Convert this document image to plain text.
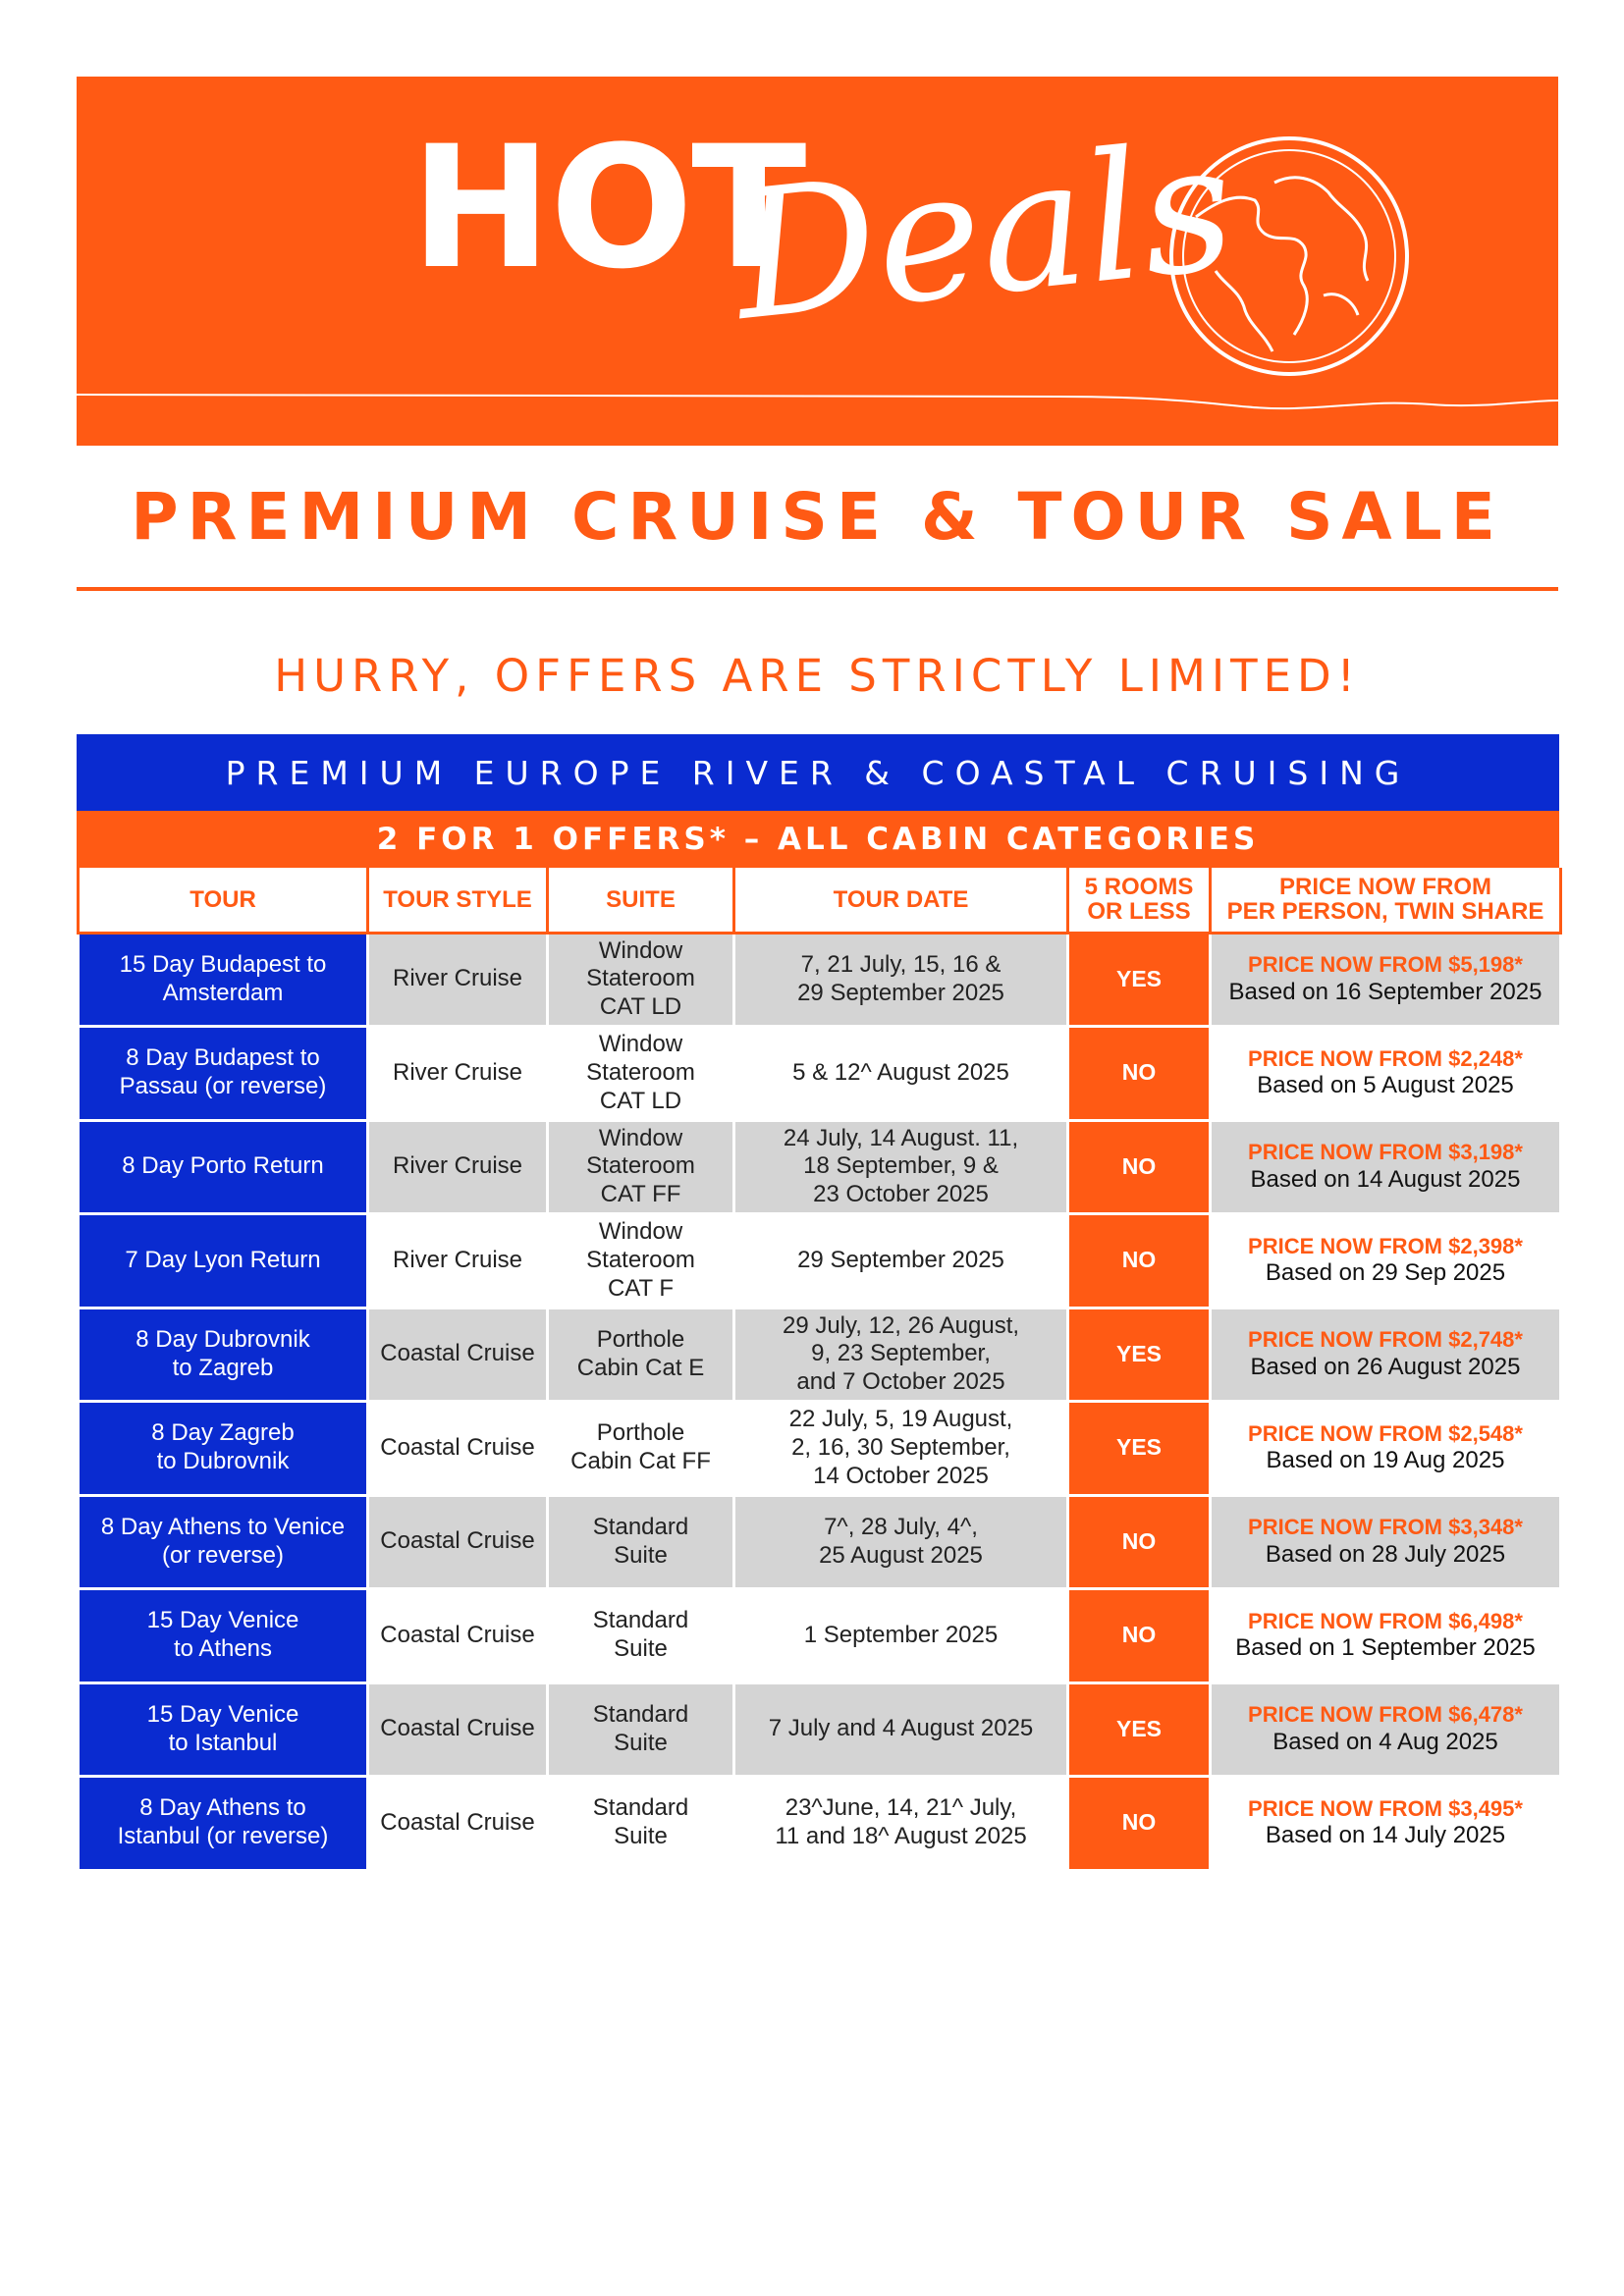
HOT
Deals
PREMIUM CRUISE & TOUR SALE
HURRY, OFFERS ARE STRICTLY LIMITED!
PREMIUM EUROPE RIVER & COASTAL CRUISING
2 FOR 1 OFFERS* – ALL CABIN CATEGORIES
TOUR	TOUR STYLE	SUITE	TOUR DATE	5 ROOMS
OR LESS	PRICE NOW FROM
PER PERSON, TWIN SHARE
15 Day Budapest to
Amsterdam	River Cruise	Window
Stateroom
CAT LD	7, 21 July, 15, 16 &
29 September 2025	YES	PRICE NOW FROM $5,198*
Based on 16 September 2025

8 Day Budapest to
Passau (or reverse)	River Cruise	Window
Stateroom
CAT LD	5 & 12^ August 2025	NO	PRICE NOW FROM $2,248*
Based on 5 August 2025

8 Day Porto Return	River Cruise	Window
Stateroom
CAT FF	24 July, 14 August. 11,
18 September, 9 &
23 October 2025	NO	PRICE NOW FROM $3,198*
Based on 14 August 2025

7 Day Lyon Return	River Cruise	Window
Stateroom
CAT F	29 September 2025	NO	PRICE NOW FROM $2,398*
Based on 29 Sep 2025

8 Day Dubrovnik
to Zagreb	Coastal Cruise	Porthole
Cabin Cat E	29 July, 12, 26 August,
9, 23 September,
and 7 October 2025	YES	PRICE NOW FROM $2,748*
Based on 26 August 2025

8 Day Zagreb
to Dubrovnik	Coastal Cruise	Porthole
Cabin Cat FF	22 July, 5, 19 August,
2, 16, 30 September,
14 October 2025	YES	PRICE NOW FROM $2,548*
Based on 19 Aug 2025

8 Day Athens to Venice
(or reverse)	Coastal Cruise	Standard
Suite	7^, 28 July, 4^,
25 August 2025	NO	PRICE NOW FROM $3,348*
Based on 28 July 2025

15 Day Venice
to Athens	Coastal Cruise	Standard
Suite	1 September 2025	NO	PRICE NOW FROM $6,498*
Based on 1 September 2025

15 Day Venice
to Istanbul	Coastal Cruise	Standard
Suite	7 July and 4 August 2025	YES	PRICE NOW FROM $6,478*
Based on 4 Aug 2025

8 Day Athens to
Istanbul (or reverse)	Coastal Cruise	Standard
Suite	23^June, 14, 21^ July,
11 and 18^ August 2025	NO	PRICE NOW FROM $3,495*
Based on 14 July 2025
